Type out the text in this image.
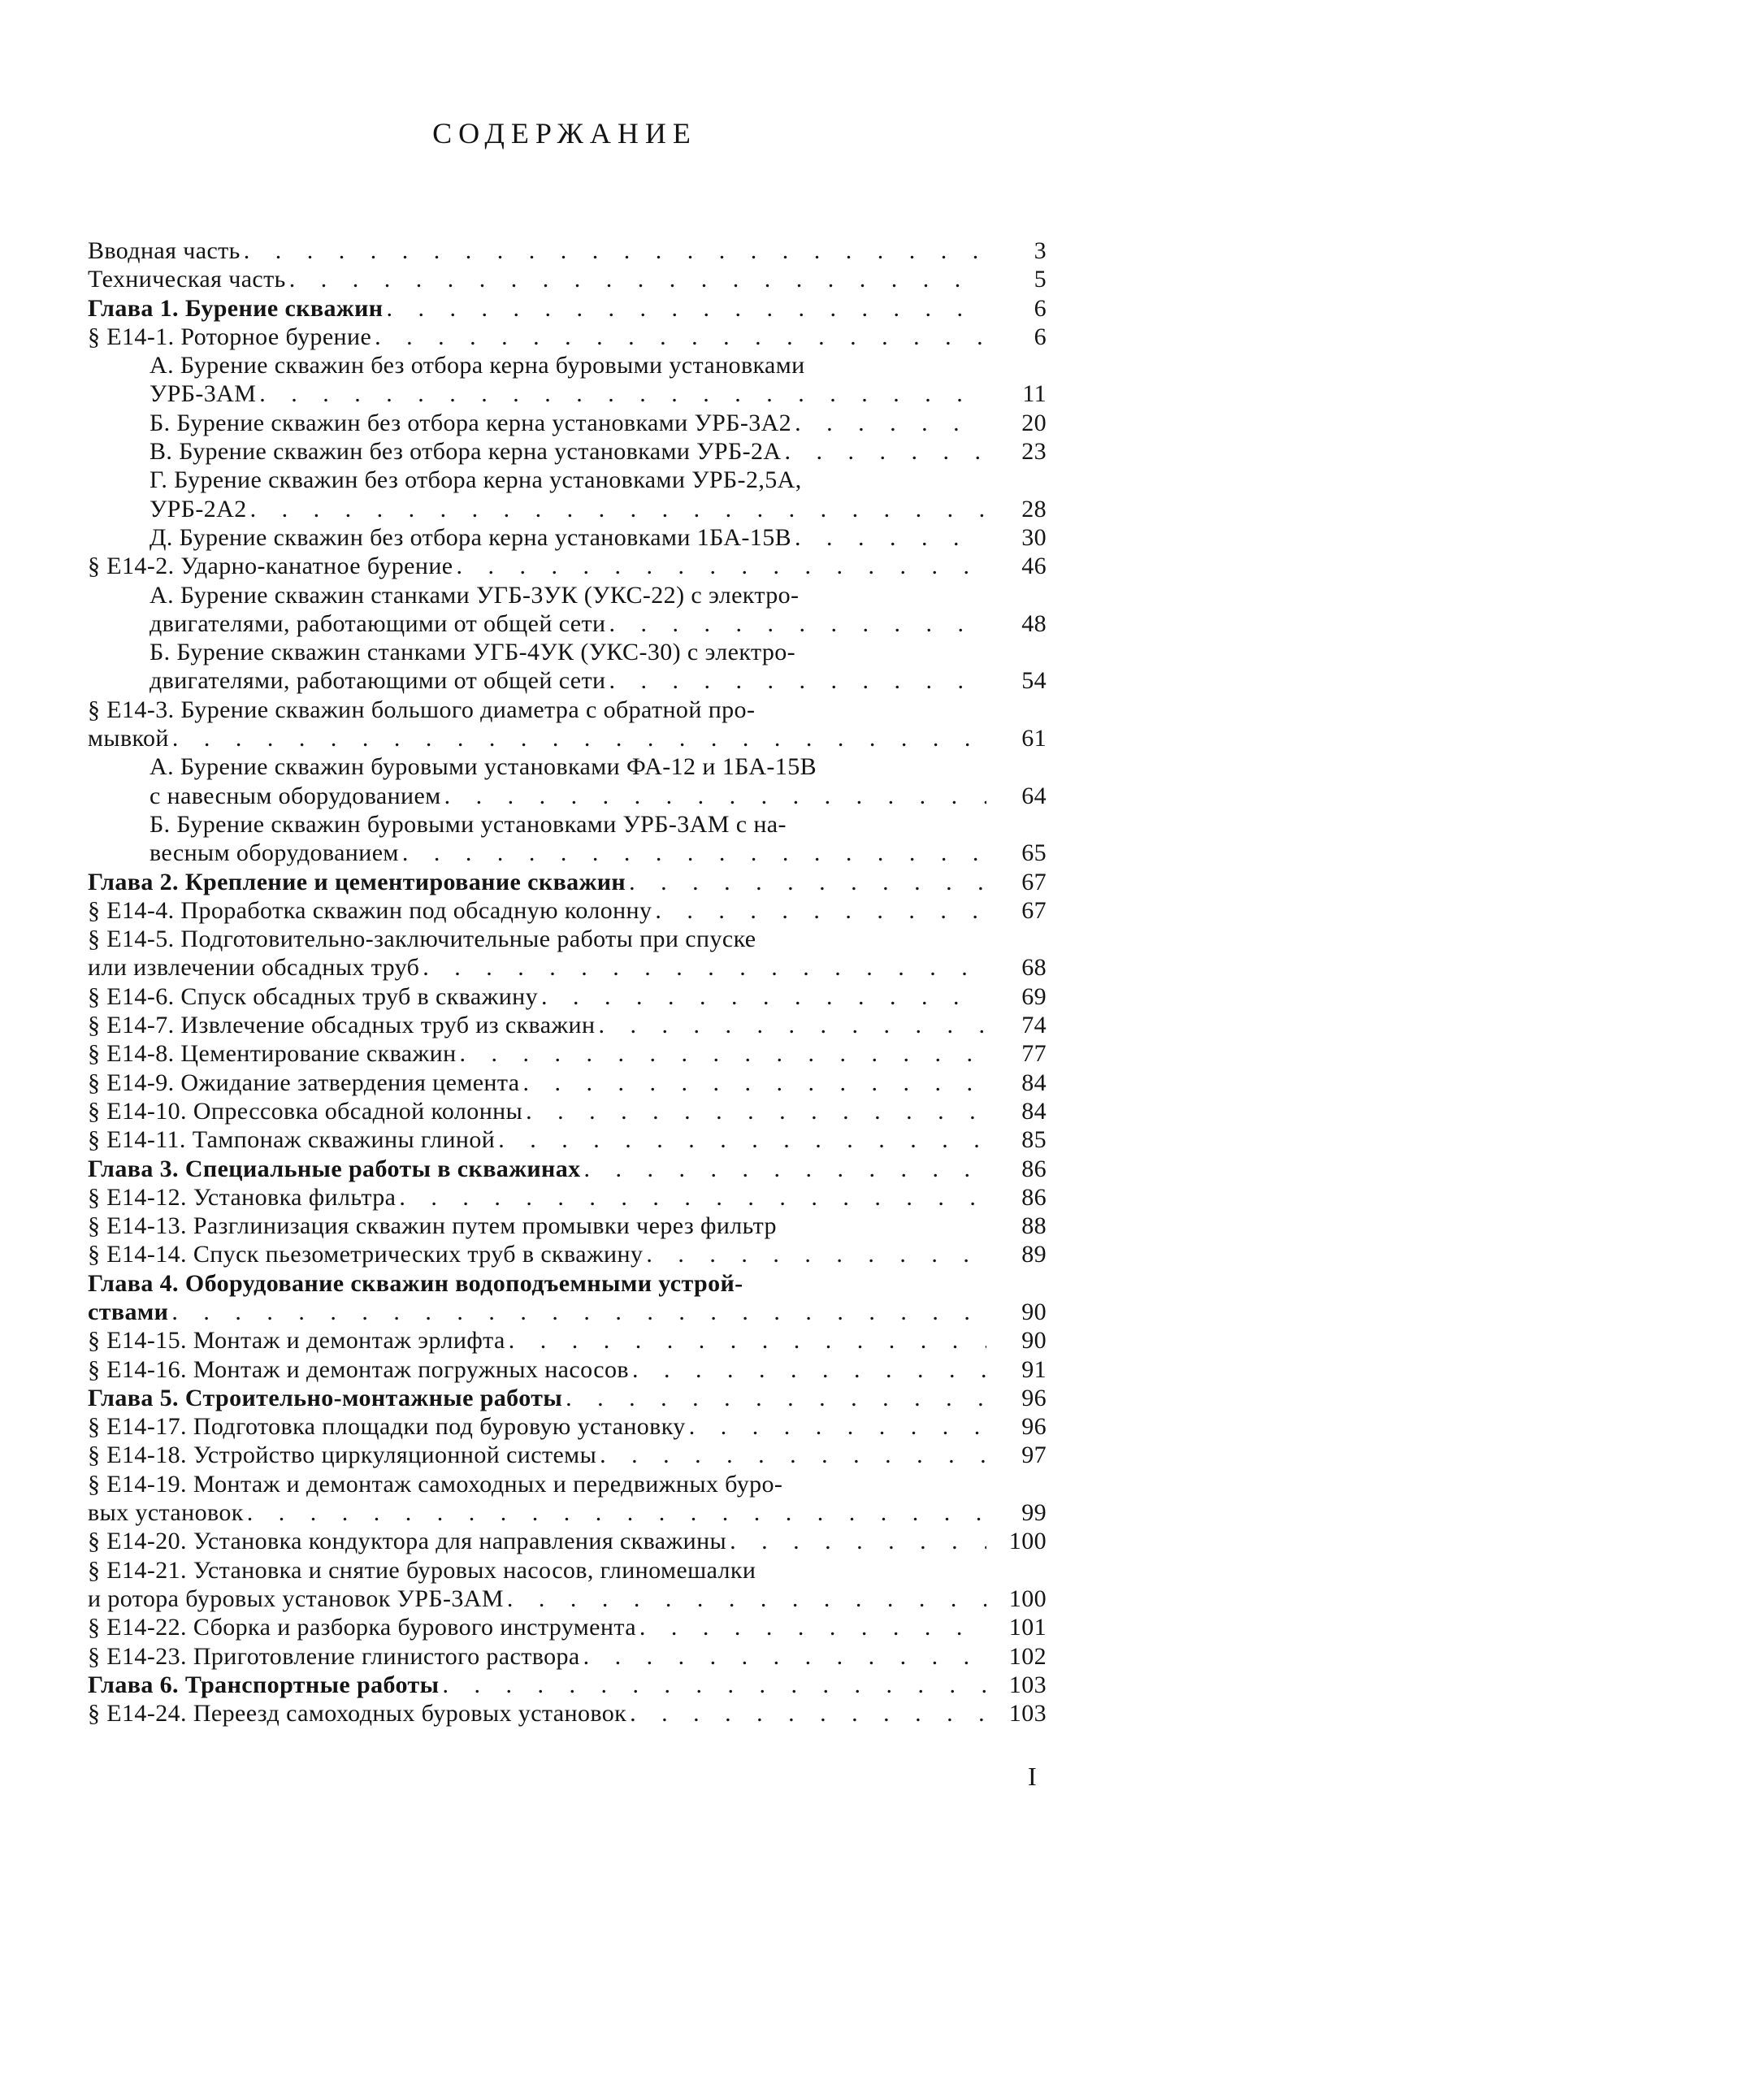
СОДЕРЖАНИЕ
Вводная часть . . .	3
Техническая часть . . .	5
Глава 1. Бурение скважин . . .	6
§ Е14-1. Роторное бурение . . .	6
А. Бурение скважин без отбора керна буровыми установками
УРБ-3АМ . . .	11
Б. Бурение скважин без отбора керна установками УРБ-3А2 . . .	20
В. Бурение скважин без отбора керна установками УРБ-2А . . .	23
Г. Бурение скважин без отбора керна установками УРБ-2,5А,
УРБ-2А2 . . .	28
Д. Бурение скважин без отбора керна установками 1БА-15В . . .	30
§ Е14-2. Ударно-канатное бурение . . .	46
А. Бурение скважин станками УГБ-3УК (УКС-22) с электро-
двигателями, работающими от общей сети . . .	48
Б. Бурение скважин станками УГБ-4УК (УКС-30) с электро-
двигателями, работающими от общей сети . . .	54
§ Е14-3. Бурение скважин большого диаметра с обратной про-
мывкой . . .	61
А. Бурение скважин буровыми установками ФА-12 и 1БА-15В
с навесным оборудованием . . .	64
Б. Бурение скважин буровыми установками УРБ-3АМ с на-
весным оборудованием . . .	65
Глава 2. Крепление и цементирование скважин . . .	67
§ Е14-4. Проработка скважин под обсадную колонну . . .	67
§ Е14-5. Подготовительно-заключительные работы при спуске
или извлечении обсадных труб . . .	68
§ Е14-6. Спуск обсадных труб в скважину . . .	69
§ Е14-7. Извлечение обсадных труб из скважин . . .	74
§ Е14-8. Цементирование скважин . . .	77
§ Е14-9. Ожидание затвердения цемента . . .	84
§ Е14-10. Опрессовка обсадной колонны . . .	84
§ Е14-11. Тампонаж скважины глиной . . .	85
Глава 3. Специальные работы в скважинах . . .	86
§ Е14-12. Установка фильтра . . .	86
§ Е14-13. Разглинизация скважин путем промывки через фильтр	88
§ Е14-14. Спуск пьезометрических труб в скважину . . .	89
Глава 4. Оборудование скважин водоподъемными устрой-
ствами . . .	90
§ Е14-15. Монтаж и демонтаж эрлифта . . .	90
§ Е14-16. Монтаж и демонтаж погружных насосов . . .	91
Глава 5. Строительно-монтажные работы . . .	96
§ Е14-17. Подготовка площадки под буровую установку . . .	96
§ Е14-18. Устройство циркуляционной системы . . .	97
§ Е14-19. Монтаж и демонтаж самоходных и передвижных буро-
вых установок . . .	99
§ Е14-20. Установка кондуктора для направления скважины . . .	100
§ Е14-21. Установка и снятие буровых насосов, глиномешалки
и ротора буровых установок УРБ-3АМ . . .	100
§ Е14-22. Сборка и разборка бурового инструмента . . .	101
§ Е14-23. Приготовление глинистого раствора . . .	102
Глава 6. Транспортные работы . . .	103
§ Е14-24. Переезд самоходных буровых установок . . .	103
I
